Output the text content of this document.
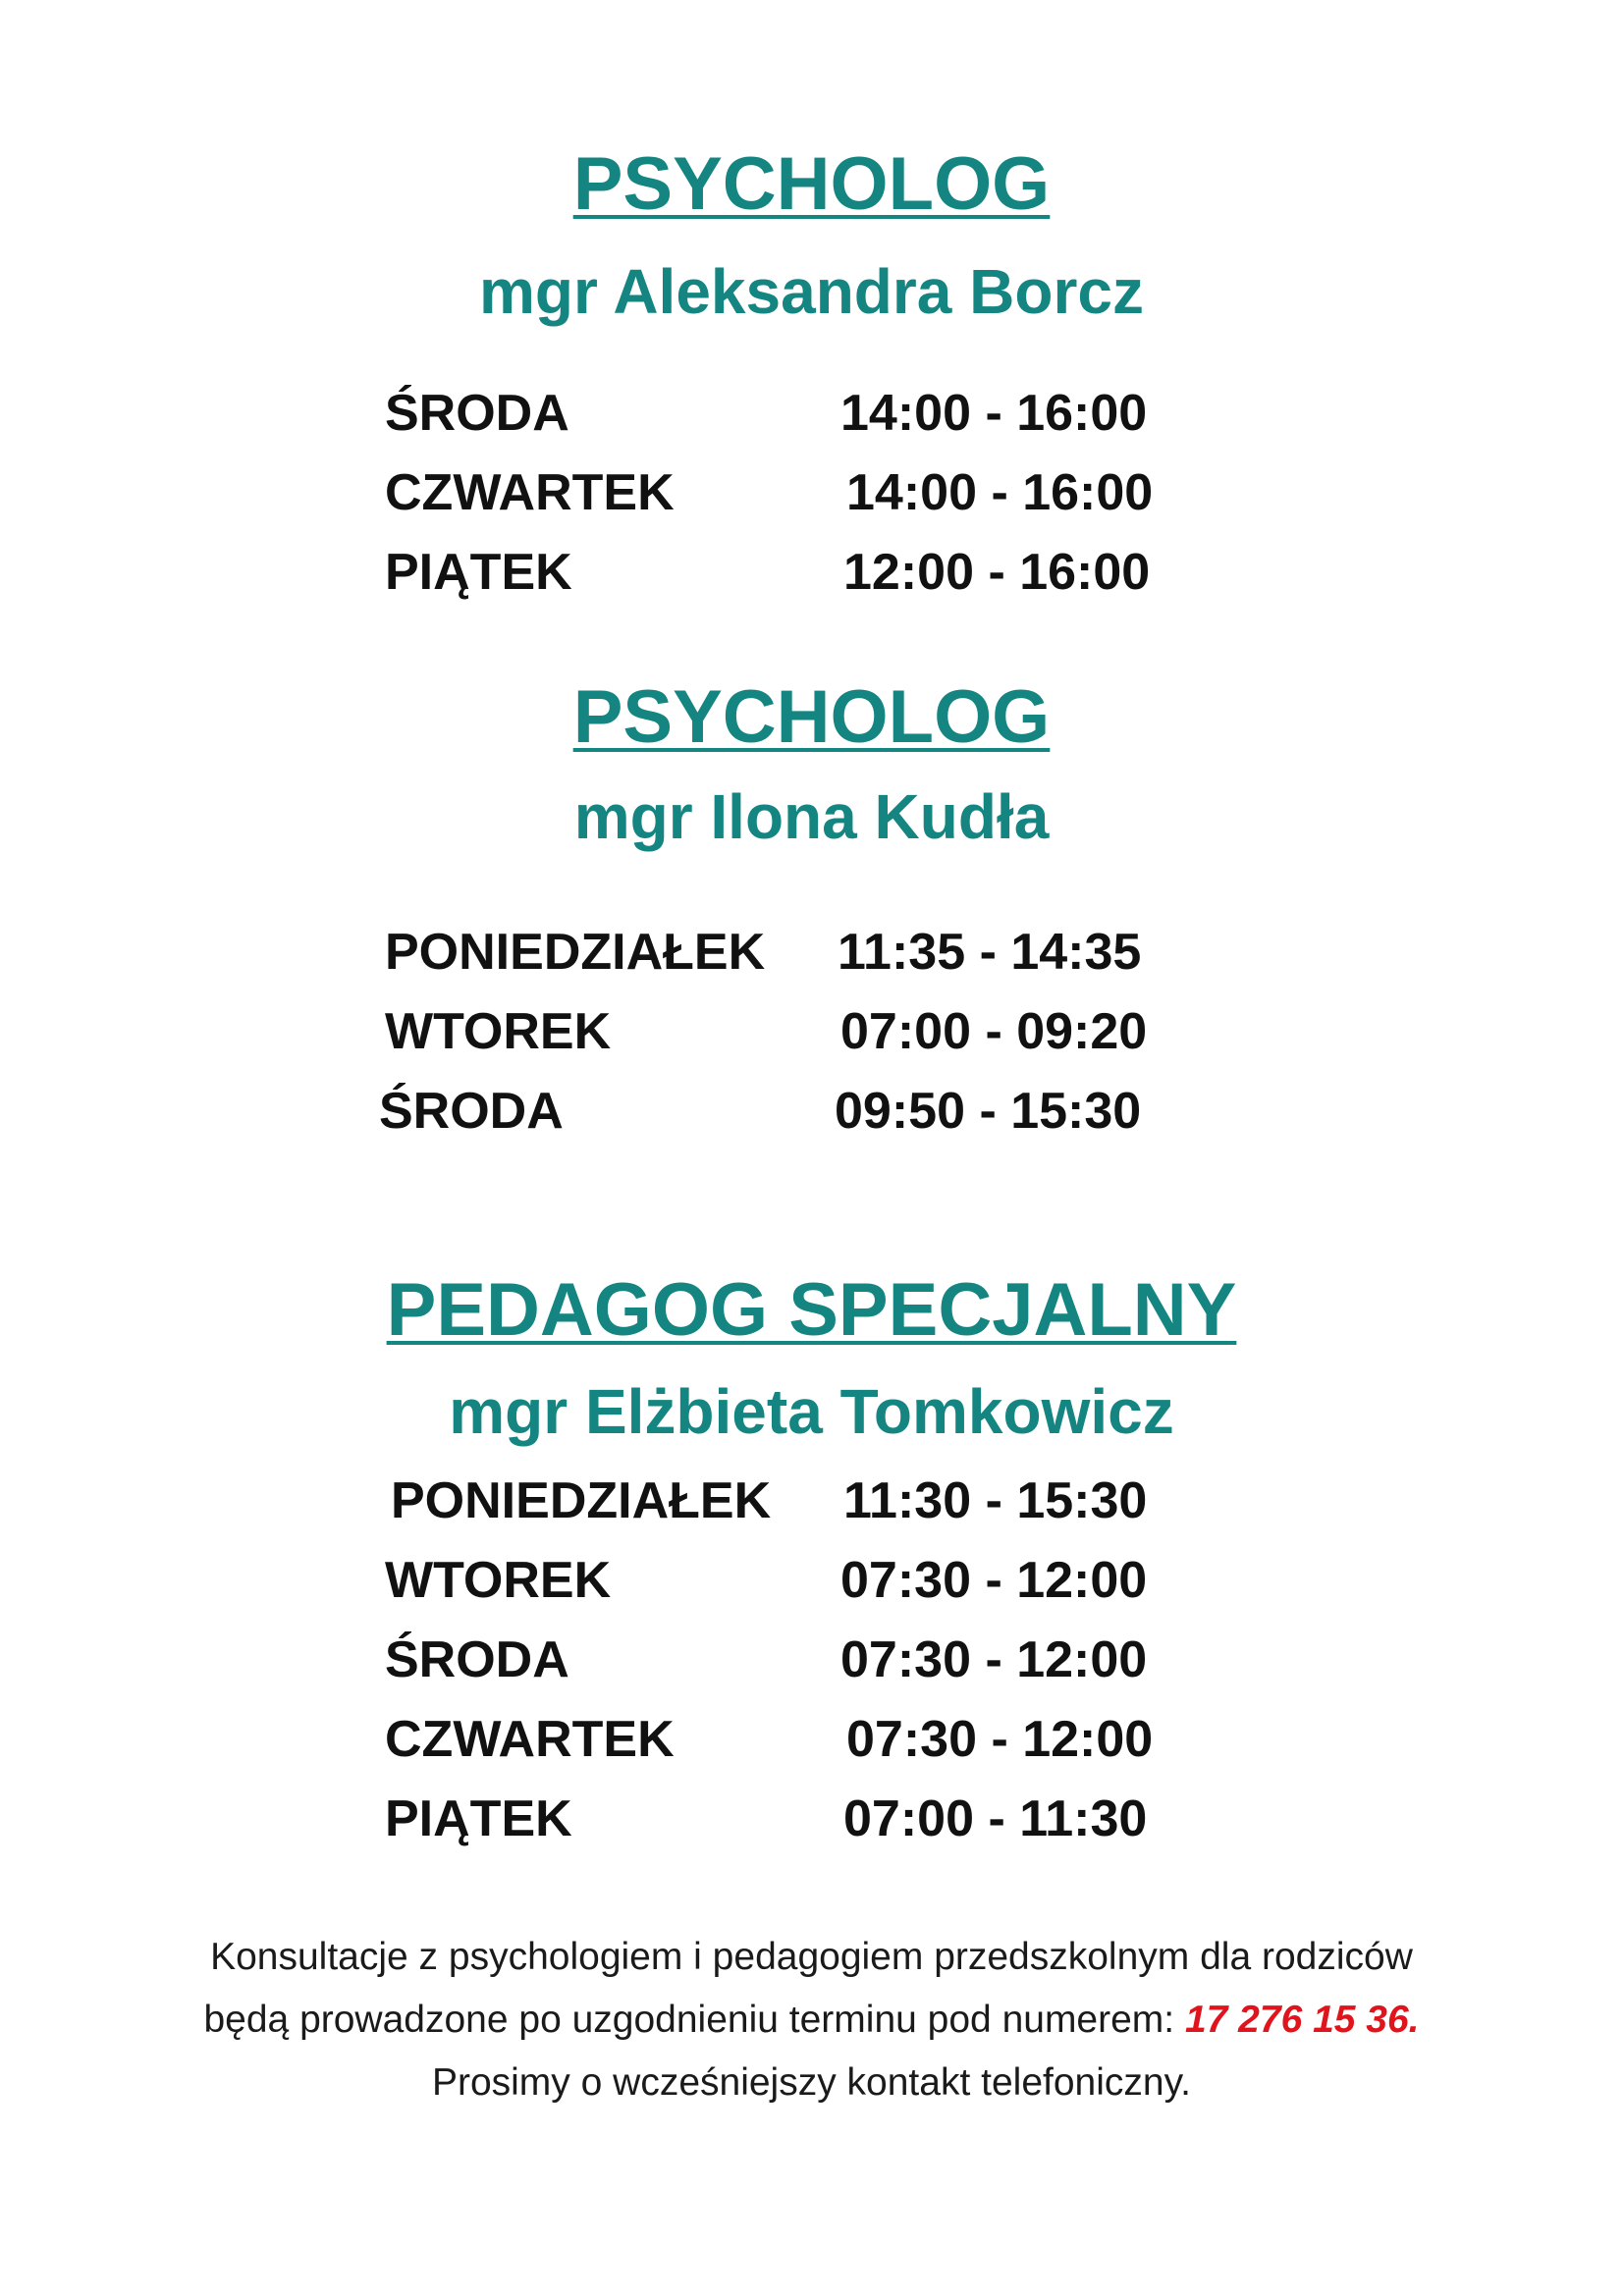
PSYCHOLOG
mgr Aleksandra Borcz
ŚRODA	14:00 - 16:00
CZWARTEK	14:00 - 16:00
PIĄTEK	12:00 - 16:00
PSYCHOLOG
mgr Ilona Kudła
PONIEDZIAŁEK 11:35 - 14:35
WTOREK	07:00 - 09:20
ŚRODA	09:50 - 15:30
PEDAGOG SPECJALNY
mgr Elżbieta Tomkowicz
PONIEDZIAŁEK 11:30 - 15:30
WTOREK	07:30 - 12:00
ŚRODA	07:30 - 12:00
CZWARTEK	07:30 - 12:00
PIĄTEK	07:00 - 11:30
Konsultacje z psychologiem i pedagogiem przedszkolnym dla rodziców
będą prowadzone po uzgodnieniu terminu pod numerem: 17 276 15 36.
Prosimy o wcześniejszy kontakt telefoniczny.
